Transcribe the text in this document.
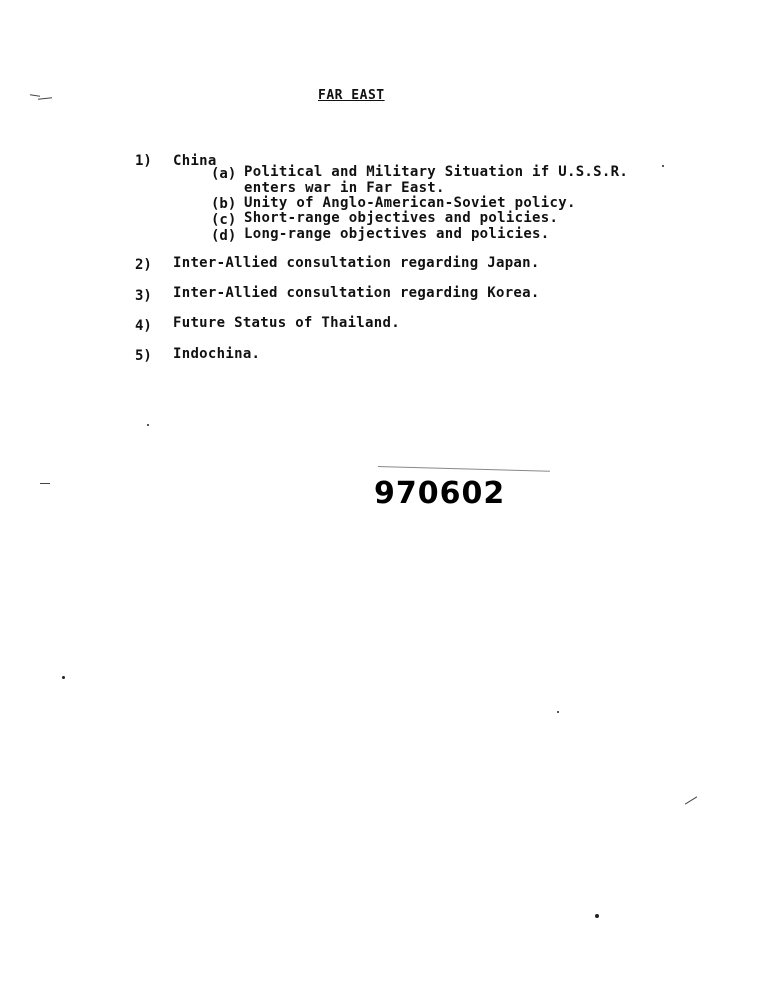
FAR EAST
1) China
(a) Political and Military Situation if U.S.S.R.
enters war in Far East.
(b) Unity of Anglo-American-Soviet policy.
(c) Short-range objectives and policies.
(d) Long-range objectives and policies.
2) Inter-Allied consultation regarding Japan.
3) Inter-Allied consultation regarding Korea.
4) Future Status of Thailand.
5) Indochina.
970602
